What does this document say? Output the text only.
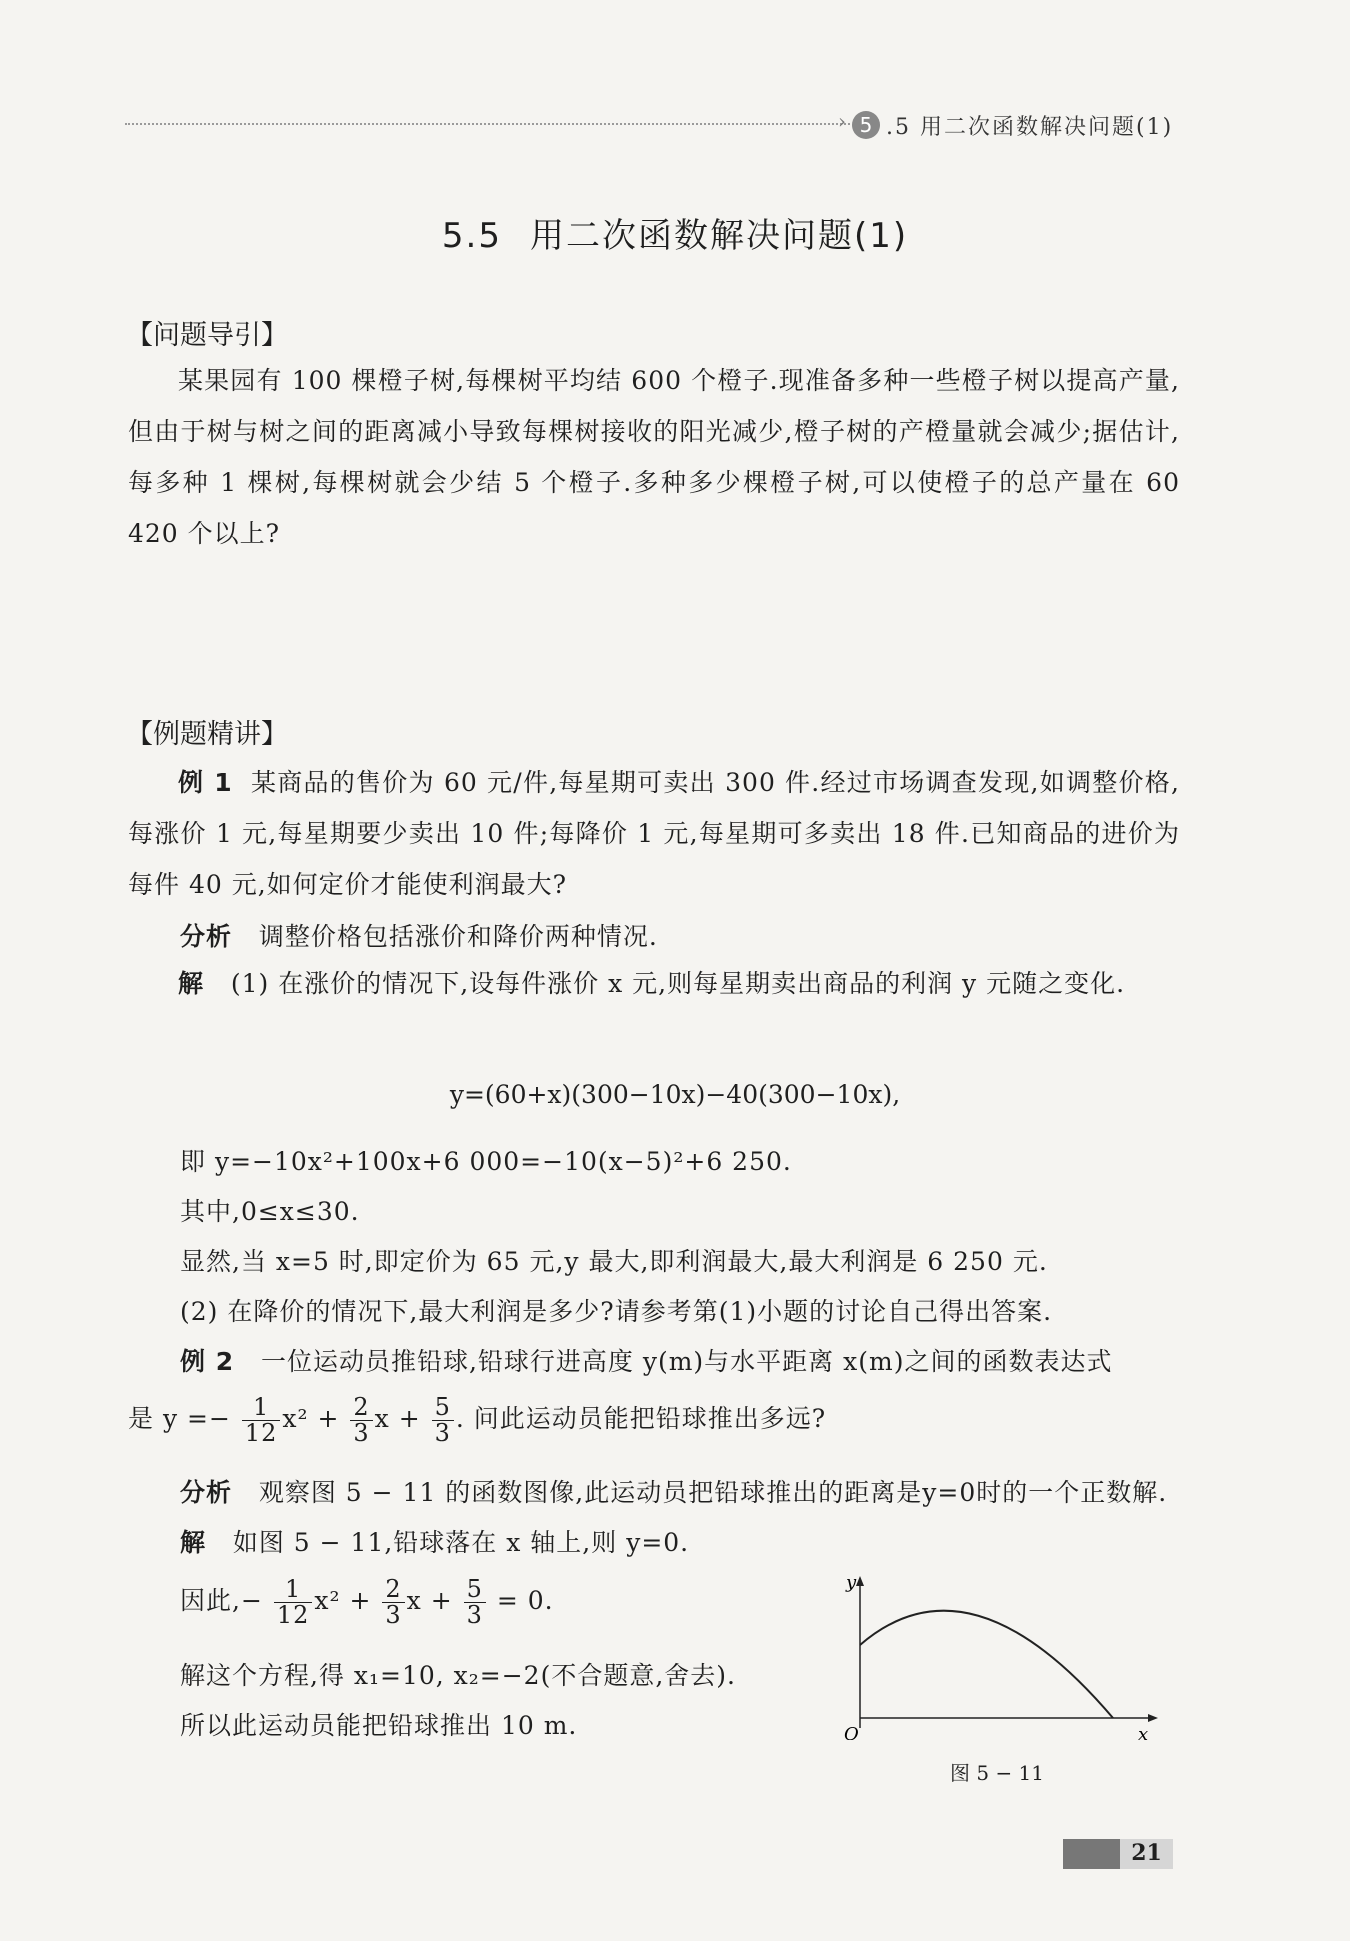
› 5 .5 用二次函数解决问题(1)
5.5 用二次函数解决问题(1)
【问题导引】
某果园有 100 棵橙子树,每棵树平均结 600 个橙子.现准备多种一些橙子树以提高产量,但由于树与树之间的距离减小导致每棵树接收的阳光减少,橙子树的产橙量就会减少;据估计,每多种 1 棵树,每棵树就会少结 5 个橙子.多种多少棵橙子树,可以使橙子的总产量在 60 420 个以上?
【例题精讲】
例 1 某商品的售价为 60 元/件,每星期可卖出 300 件.经过市场调查发现,如调整价格,每涨价 1 元,每星期要少卖出 10 件;每降价 1 元,每星期可多卖出 18 件.已知商品的进价为每件 40 元,如何定价才能使利润最大?
分析 调整价格包括涨价和降价两种情况.
解 (1) 在涨价的情况下,设每件涨价 x 元,则每星期卖出商品的利润 y 元随之变化.
y=(60+x)(300−10x)−40(300−10x),
即 y=−10x²+100x+6 000=−10(x−5)²+6 250.
其中,0≤x≤30.
显然,当 x=5 时,即定价为 65 元,y 最大,即利润最大,最大利润是 6 250 元.
(2) 在降价的情况下,最大利润是多少?请参考第(1)小题的讨论自己得出答案.
例 2 一位运动员推铅球,铅球行进高度 y(m)与水平距离 x(m)之间的函数表达式
是 $y =- \frac{1}{12} x^2 + \frac{2}{3}$ $x + \frac{5}{3}$ . 问此运动员能把铅球推出多远?
分析 观察图 5 − 11 的函数图像,此运动员把铅球推出的距离是y=0时的一个正数解.
解 如图 5 − 11,铅球落在 x 轴上,则 y=0.
因此,− $\frac{1}{12} x^2 + \frac{2}{3}$ $x + \frac{5}{3} = 0$.
解这个方程,得 x₁=10, x₂=−2(不合题意,舍去).
所以此运动员能把铅球推出 10 m.
y
x
O
图 5 − 11
21
